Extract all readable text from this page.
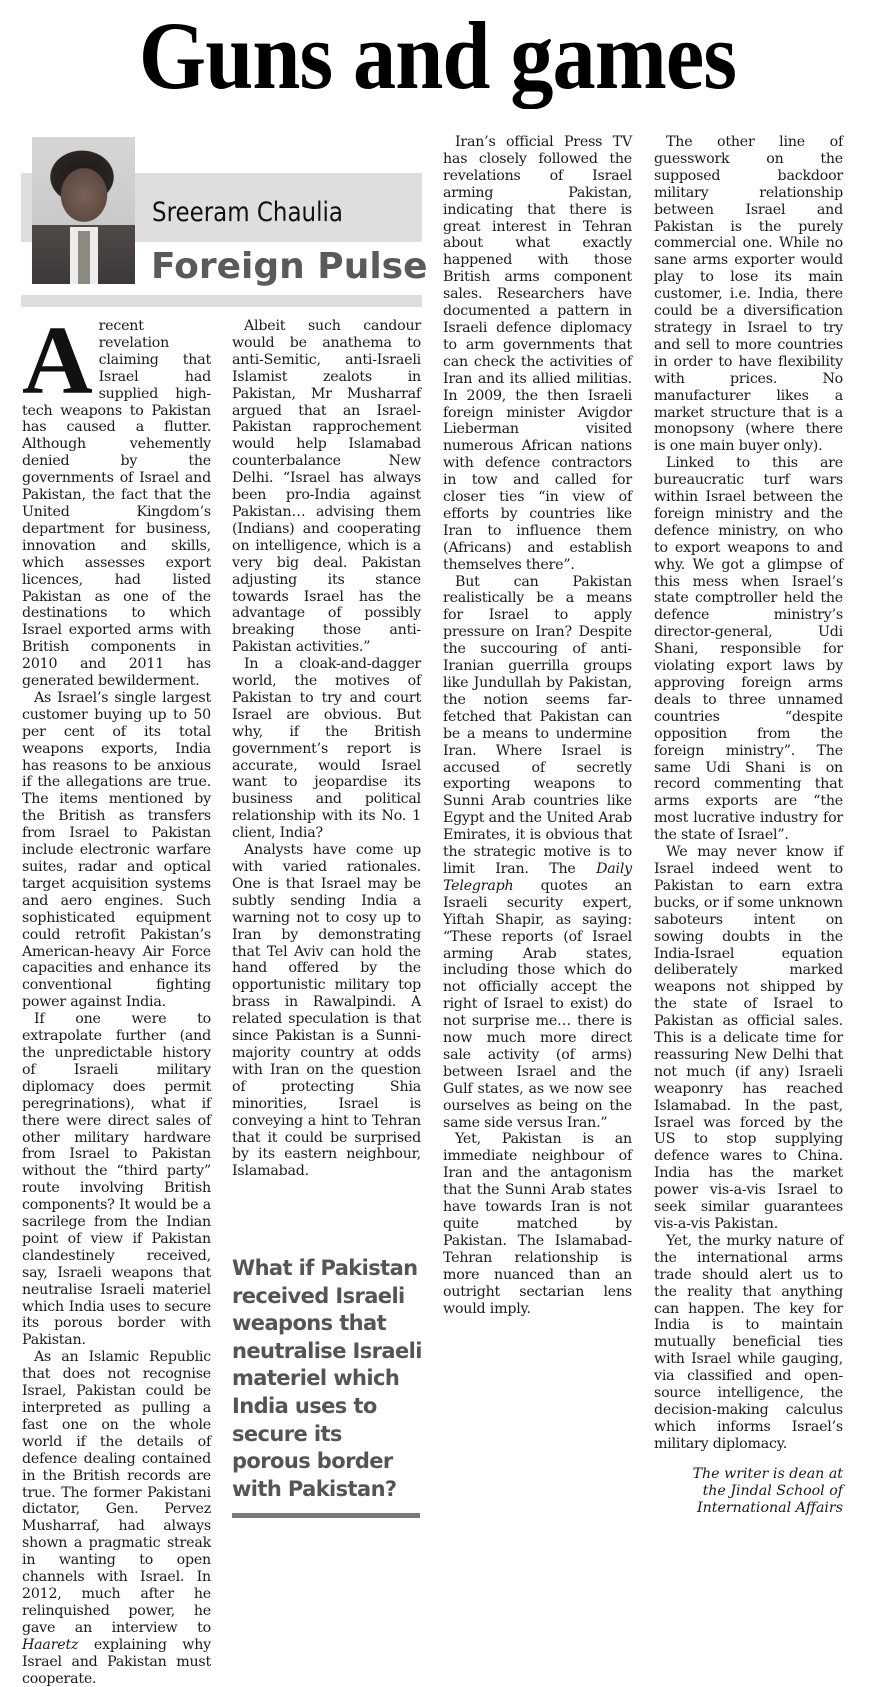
Guns and games
Sreeram Chaulia
Foreign Pulse

A recent revelation claiming that Israel had supplied high-tech weapons to Pakistan has caused a flutter. Although vehemently denied by the governments of Israel and Pakistan, the fact that the United Kingdom’s department for business, innovation and skills, which assesses export licences, had listed Pakistan as one of the destinations to which Israel exported arms with British components in 2010 and 2011 has generated bewilderment.

As Israel’s single largest customer buying up to 50 per cent of its total weapons exports, India has reasons to be anxious if the allegations are true. The items mentioned by the British as transfers from Israel to Pakistan include electronic warfare suites, radar and optical target acquisition systems and aero engines. Such sophisticated equipment could retrofit Pakistan’s American-heavy Air Force capacities and enhance its conventional fighting power against India.

If one were to extrapolate further (and the unpredictable history of Israeli military diplomacy does permit peregrinations), what if there were direct sales of other military hardware from Israel to Pakistan without the “third party” route involving British components? It would be a sacrilege from the Indian point of view if Pakistan clandestinely received, say, Israeli weapons that neutralise Israeli materiel which India uses to secure its porous border with Pakistan.

As an Islamic Republic that does not recognise Israel, Pakistan could be interpreted as pulling a fast one on the whole world if the details of defence dealing contained in the British records are true. The former Pakistani dictator, Gen. Pervez Musharraf, had always shown a pragmatic streak in wanting to open channels with Israel. In 2012, much after he relinquished power, he gave an interview to Haaretz explaining why Israel and Pakistan must cooperate.

Albeit such candour would be anathema to anti-Semitic, anti-Israeli Islamist zealots in Pakistan, Mr Musharraf argued that an Israel-Pakistan rapprochement would help Islamabad counterbalance New Delhi. “Israel has always been pro-India against Pakistan… advising them (Indians) and cooperating on intelligence, which is a very big deal. Pakistan adjusting its stance towards Israel has the advantage of possibly breaking those anti-Pakistan activities.”

In a cloak-and-dagger world, the motives of Pakistan to try and court Israel are obvious. But why, if the British government’s report is accurate, would Israel want to jeopardise its business and political relationship with its No. 1 client, India?

Analysts have come up with varied rationales. One is that Israel may be subtly sending India a warning not to cosy up to Iran by demonstrating that Tel Aviv can hold the hand offered by the opportunistic military top brass in Rawalpindi. A related speculation is that since Pakistan is a Sunni-majority country at odds with Iran on the question of protecting Shia minorities, Israel is conveying a hint to Tehran that it could be surprised by its eastern neighbour, Islamabad.

Iran’s official Press TV has closely followed the revelations of Israel arming Pakistan, indicating that there is great interest in Tehran about what exactly happened with those British arms component sales. Researchers have documented a pattern in Israeli defence diplomacy to arm governments that can check the activities of Iran and its allied militias. In 2009, the then Israeli foreign minister Avigdor Lieberman visited numerous African nations with defence contractors in tow and called for closer ties “in view of efforts by countries like Iran to influence them (Africans) and establish themselves there”.

But can Pakistan realistically be a means for Israel to apply pressure on Iran? Despite the succouring of anti-Iranian guerrilla groups like Jundullah by Pakistan, the notion seems far-fetched that Pakistan can be a means to undermine Iran. Where Israel is accused of secretly exporting weapons to Sunni Arab countries like Egypt and the United Arab Emirates, it is obvious that the strategic motive is to limit Iran. The Daily Telegraph quotes an Israeli security expert, Yiftah Shapir, as saying: “These reports (of Israel arming Arab states, including those which do not officially accept the right of Israel to exist) do not surprise me… there is now much more direct sale activity (of arms) between Israel and the Gulf states, as we now see ourselves as being on the same side versus Iran.”

Yet, Pakistan is an immediate neighbour of Iran and the antagonism that the Sunni Arab states have towards Iran is not quite matched by Pakistan. The Islamabad-Tehran relationship is more nuanced than an outright sectarian lens would imply.

The other line of guesswork on the supposed backdoor military relationship between Israel and Pakistan is the purely commercial one. While no sane arms exporter would play to lose its main customer, i.e. India, there could be a diversification strategy in Israel to try and sell to more countries in order to have flexibility with prices. No manufacturer likes a market structure that is a monopsony (where there is one main buyer only).

Linked to this are bureaucratic turf wars within Israel between the foreign ministry and the defence ministry, on who to export weapons to and why. We got a glimpse of this mess when Israel’s state comptroller held the defence ministry’s director-general, Udi Shani, responsible for violating export laws by approving foreign arms deals to three unnamed countries “despite opposition from the foreign ministry”. The same Udi Shani is on record commenting that arms exports are “the most lucrative industry for the state of Israel”.

We may never know if Israel indeed went to Pakistan to earn extra bucks, or if some unknown saboteurs intent on sowing doubts in the India-Israel equation deliberately marked weapons not shipped by the state of Israel to Pakistan as official sales. This is a delicate time for reassuring New Delhi that not much (if any) Israeli weaponry has reached Islamabad. In the past, Israel was forced by the US to stop supplying defence wares to China. India has the market power vis-a-vis Israel to seek similar guarantees vis-a-vis Pakistan.

Yet, the murky nature of the international arms trade should alert us to the reality that anything can happen. The key for India is to maintain mutually beneficial ties with Israel while gauging, via classified and open-source intelligence, the decision-making calculus which informs Israel’s military diplomacy.

What if Pakistan received Israeli weapons that neutralise Israeli materiel which India uses to secure its porous border with Pakistan?
The writer is dean at
the Jindal School of
International Affairs
